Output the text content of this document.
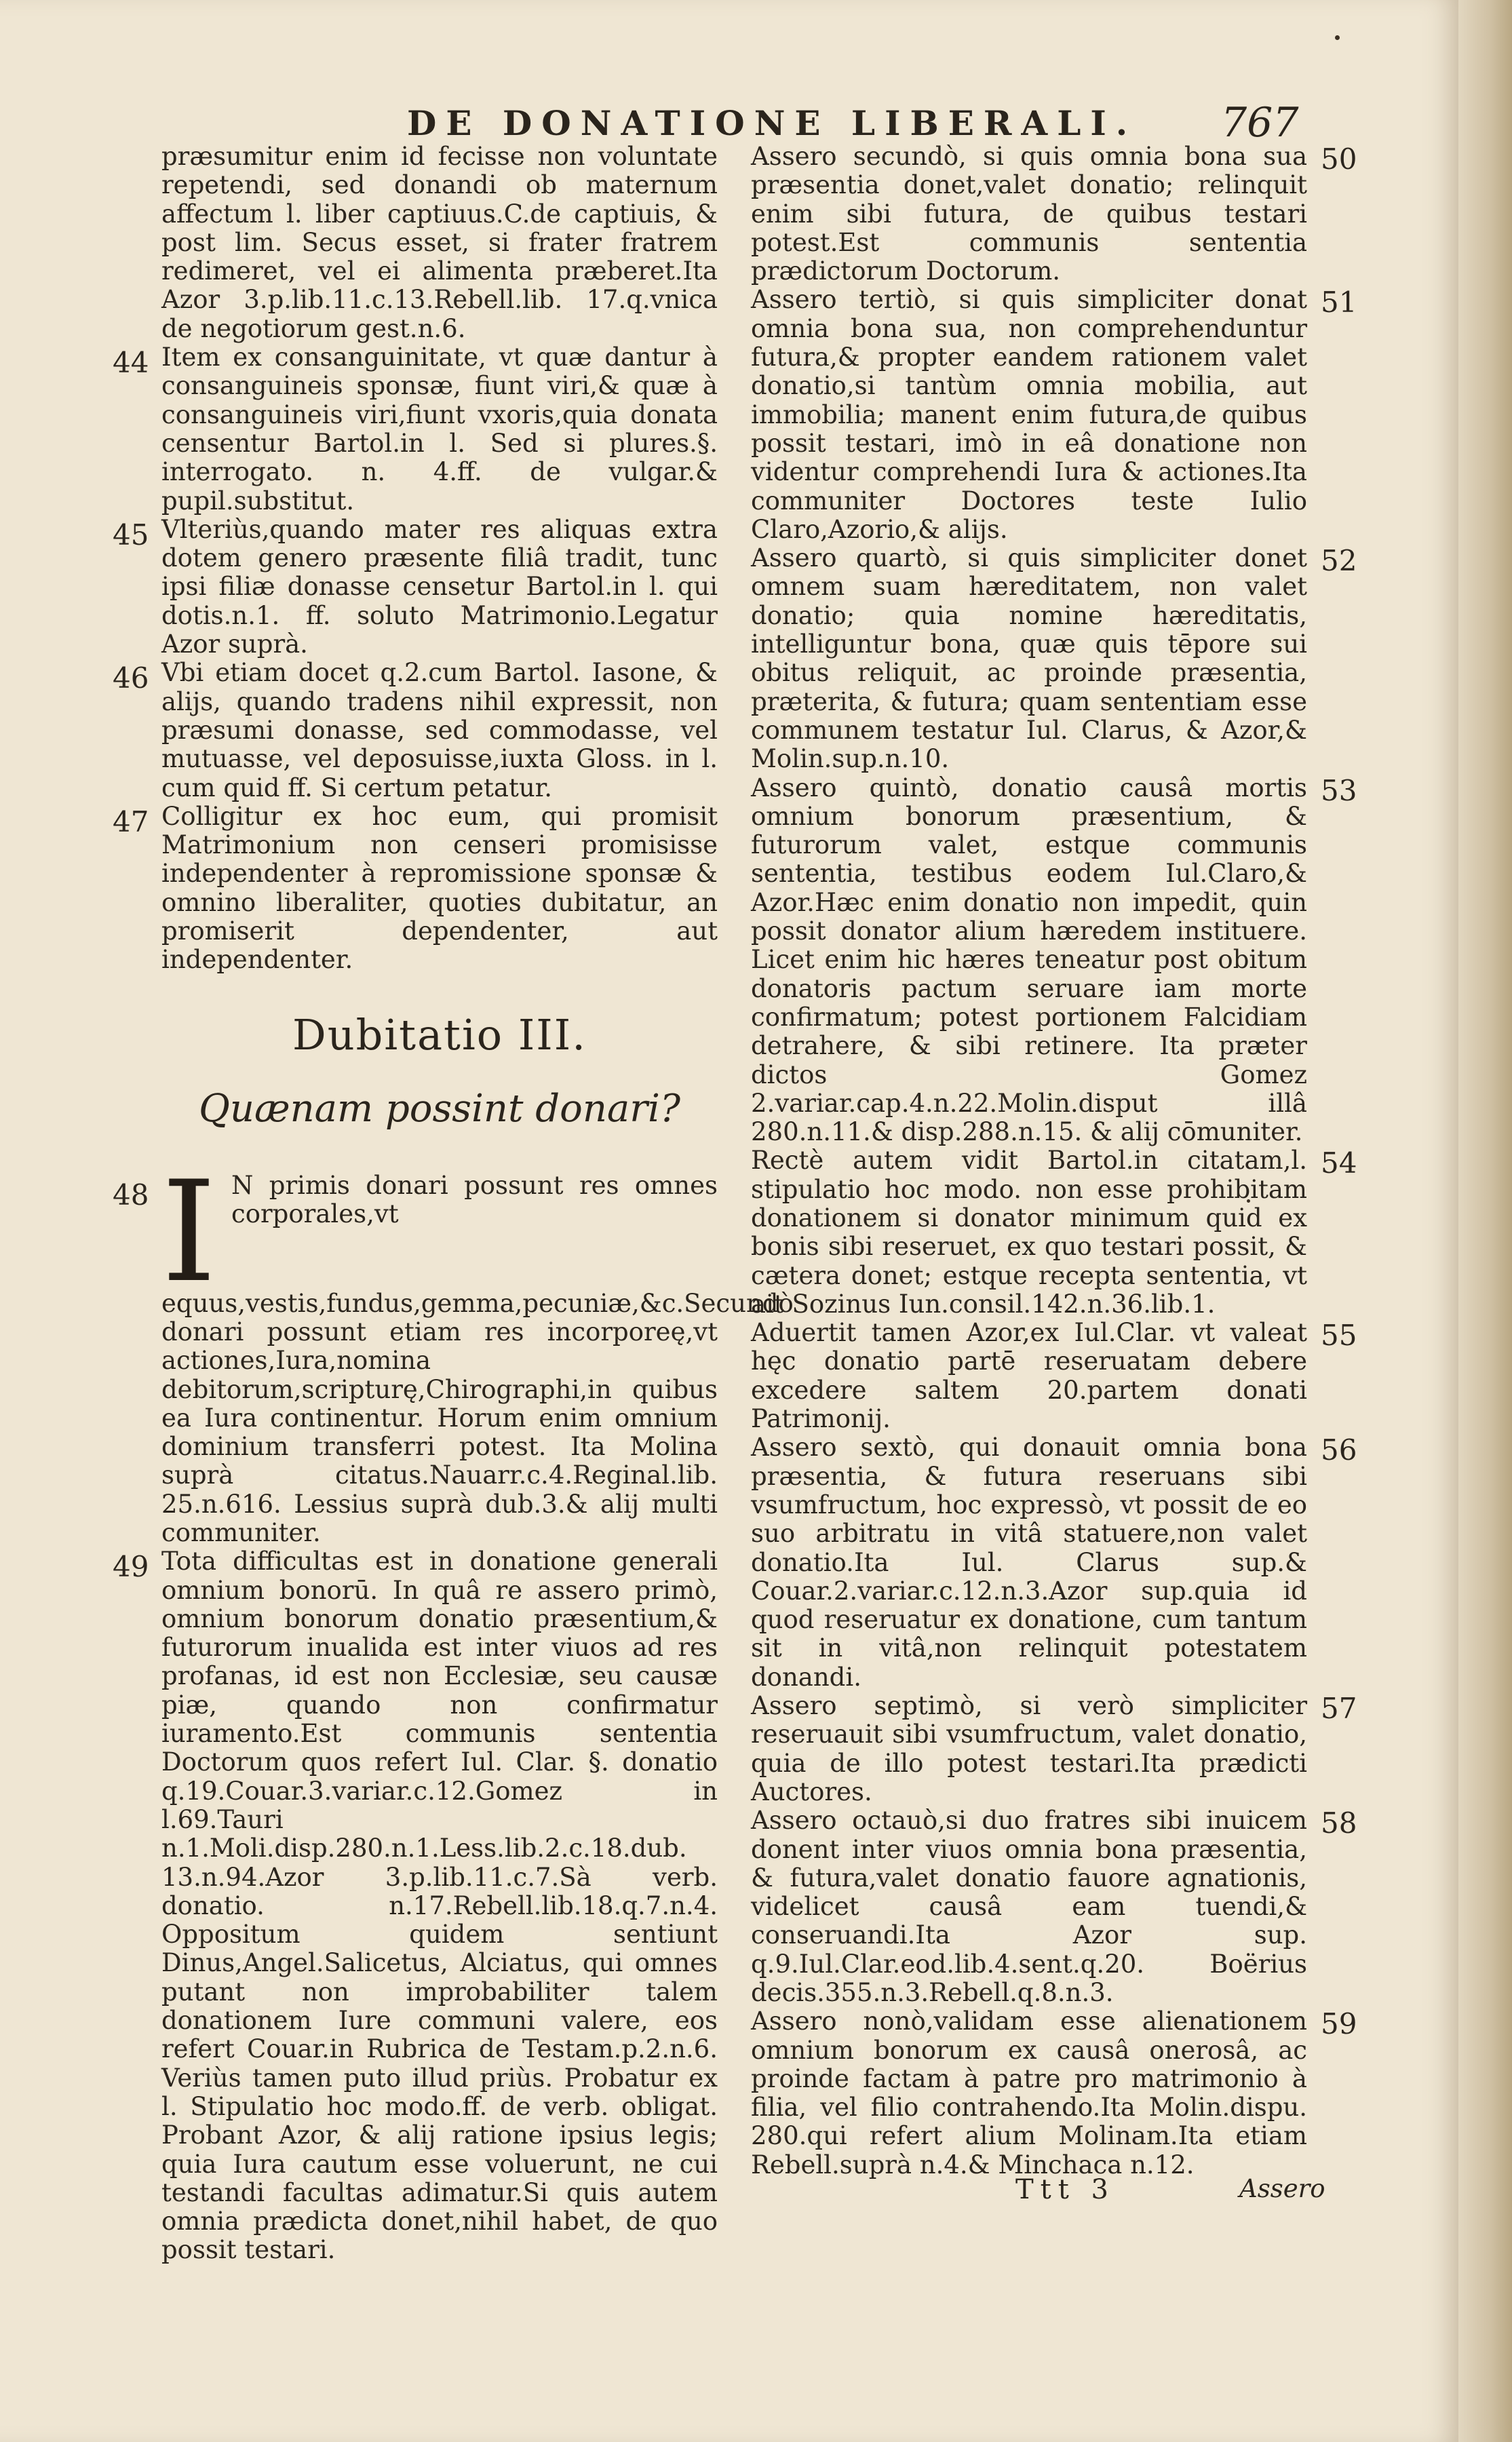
DE DONATIONE LIBERALI. 767

præsumitur enim id fecisse non voluntate repetendi, sed donandi ob maternum affectum l. liber captiuus.C.de captiuis, & post lim. Secus esset, si frater fratrem redimeret, vel ei alimenta præberet.Ita Azor 3.p.lib.11.c.13.Rebell.lib. 17.q.vnica de negotiorum gest.n.6.

44 Item ex consanguinitate, vt quæ dantur à consanguineis sponsæ, fiunt viri,& quæ à consanguineis viri,fiunt vxoris,quia donata censentur Bartol.in l. Sed si plures.§. interrogato. n. 4.ff. de vulgar.& pupil.substitut.

45 Vlteriùs,quando mater res aliquas extra dotem genero præsente filiâ tradit, tunc ipsi filiæ donasse censetur Bartol.in l. qui dotis.n.1. ff. soluto Matrimonio.Legatur Azor suprà.

46 Vbi etiam docet q.2.cum Bartol. Iasone, & alijs, quando tradens nihil expressit, non præsumi donasse, sed commodasse, vel mutuasse, vel deposuisse,iuxta Gloss. in l. cum quid ff. Si certum petatur.

47 Colligitur ex hoc eum, qui promisit Matrimonium non censeri promisisse independenter à repromissione sponsæ & omnino liberaliter, quoties dubitatur, an promiserit dependenter, aut independenter.

Dubitatio III.
Quænam possint donari?
48 I N primis donari possunt res omnes corporales,vt equus,vestis,fundus,gemma,pecuniæ,&c.Secundò donari possunt etiam res incorporeę,vt actiones,Iura,nomina debitorum,scripturę,Chirographi,in quibus ea Iura continentur. Horum enim omnium dominium transferri potest. Ita Molina suprà citatus.Nauarr.c.4.Reginal.lib. 25.n.616. Lessius suprà dub.3.& alij multi communiter.

49 Tota difficultas est in donatione generali omnium bonorū. In quâ re assero primò, omnium bonorum donatio præsentium,& futurorum inualida est inter viuos ad res profanas, id est non Ecclesiæ, seu causæ piæ, quando non confirmatur iuramento.Est communis sententia Doctorum quos refert Iul. Clar. §. donatio q.19.Couar.3.variar.c.12.Gomez in l.69.Tauri n.1.Moli.disp.280.n.1.Less.lib.2.c.18.dub. 13.n.94.Azor 3.p.lib.11.c.7.Sà verb. donatio. n.17.Rebell.lib.18.q.7.n.4. Oppositum quidem sentiunt Dinus,Angel.Salicetus, Alciatus, qui omnes putant non improbabiliter talem donationem Iure communi valere, eos refert Couar.in Rubrica de Testam.p.2.n.6. Veriùs tamen puto illud priùs. Probatur ex l. Stipulatio hoc modo.ff. de verb. obligat. Probant Azor, & alij ratione ipsius legis; quia Iura cautum esse voluerunt, ne cui testandi facultas adimatur.Si quis autem omnia prædicta donet,nihil habet, de quo possit testari.

50

Assero secundò, si quis omnia bona sua præsentia donet,valet donatio; relinquit enim sibi futura, de quibus testari potest.Est communis sententia prædictorum Doctorum.

51

Assero tertiò, si quis simpliciter donat omnia bona sua, non comprehenduntur futura,& propter eandem rationem valet donatio,si tantùm omnia mobilia, aut immobilia; manent enim futura,de quibus possit testari, imò in eâ donatione non videntur comprehendi Iura & actiones.Ita communiter Doctores teste Iulio Claro,Azorio,& alijs.

52

Assero quartò, si quis simpliciter donet omnem suam hæreditatem, non valet donatio; quia nomine hæreditatis, intelliguntur bona, quæ quis tēpore sui obitus reliquit, ac proinde præsentia, præterita, & futura; quam sententiam esse communem testatur Iul. Clarus, & Azor,& Molin.sup.n.10.

53

Assero quintò, donatio causâ mortis omnium bonorum præsentium, & futurorum valet, estque communis sententia, testibus eodem Iul.Claro,& Azor.Hæc enim donatio non impedit, quin possit donator alium hæredem instituere. Licet enim hic hæres teneatur post obitum donatoris pactum seruare iam morte confirmatum; potest portionem Falcidiam detrahere, & sibi retinere. Ita præter dictos Gomez 2.variar.cap.4.n.22.Molin.disput illâ 280.n.11.& disp.288.n.15. & alij cōmuniter.

54

Rectè autem vidit Bartol.in citatam,l. stipulatio hoc modo. non esse prohibitam donationem si donator minimum quid ex bonis sibi reseruet, ex quo testari possit, & cætera donet; estque recepta sententia, vt ait Sozinus Iun.consil.142.n.36.lib.1.

55

Aduertit tamen Azor,ex Iul.Clar. vt valeat hęc donatio partē reseruatam debere excedere saltem 20.partem donati Patrimonij.

56

Assero sextò, qui donauit omnia bona præsentia, & futura reseruans sibi vsumfructum, hoc expressò, vt possit de eo suo arbitratu in vitâ statuere,non valet donatio.Ita Iul. Clarus sup.& Couar.2.variar.c.12.n.3.Azor sup.quia id quod reseruatur ex donatione, cum tantum sit in vitâ,non relinquit potestatem donandi.

57

Assero septimò, si verò simpliciter reseruauit sibi vsumfructum, valet donatio, quia de illo potest testari.Ita prædicti Auctores.

58

Assero octauò,si duo fratres sibi inuicem donent inter viuos omnia bona præsentia, & futura,valet donatio fauore agnationis, videlicet causâ eam tuendi,& conseruandi.Ita Azor sup. q.9.Iul.Clar.eod.lib.4.sent.q.20. Boërius decis.355.n.3.Rebell.q.8.n.3.

59

Assero nonò,validam esse alienationem omnium bonorum ex causâ onerosâ, ac proinde factam à patre pro matrimonio à filia, vel filio contrahendo.Ita Molin.dispu. 280.qui refert alium Molinam.Ita etiam Rebell.suprà n.4.& Minchaca n.12.

Ttt 3	Assero
